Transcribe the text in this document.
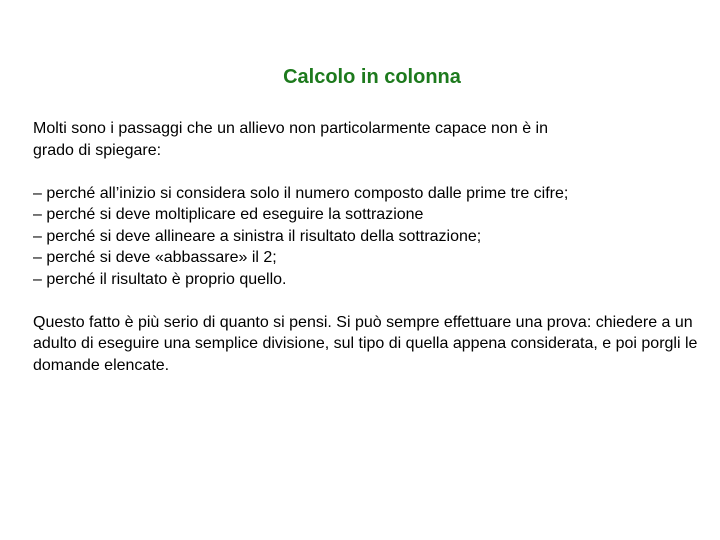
Calcolo in colonna

Molti sono i passaggi che un allievo non particolarmente capace non è in
grado di spiegare:

– perché all’inizio si considera solo il numero composto dalle prime tre cifre;
– perché si deve moltiplicare ed eseguire la sottrazione
– perché si deve allineare a sinistra il risultato della sottrazione;
– perché si deve «abbassare» il 2;
– perché il risultato è proprio quello.

Questo fatto è più serio di quanto si pensi. Si può sempre effettuare una prova: chiedere a un adulto di eseguire una semplice divisione, sul tipo di quella appena considerata, e poi porgli le domande elencate.
